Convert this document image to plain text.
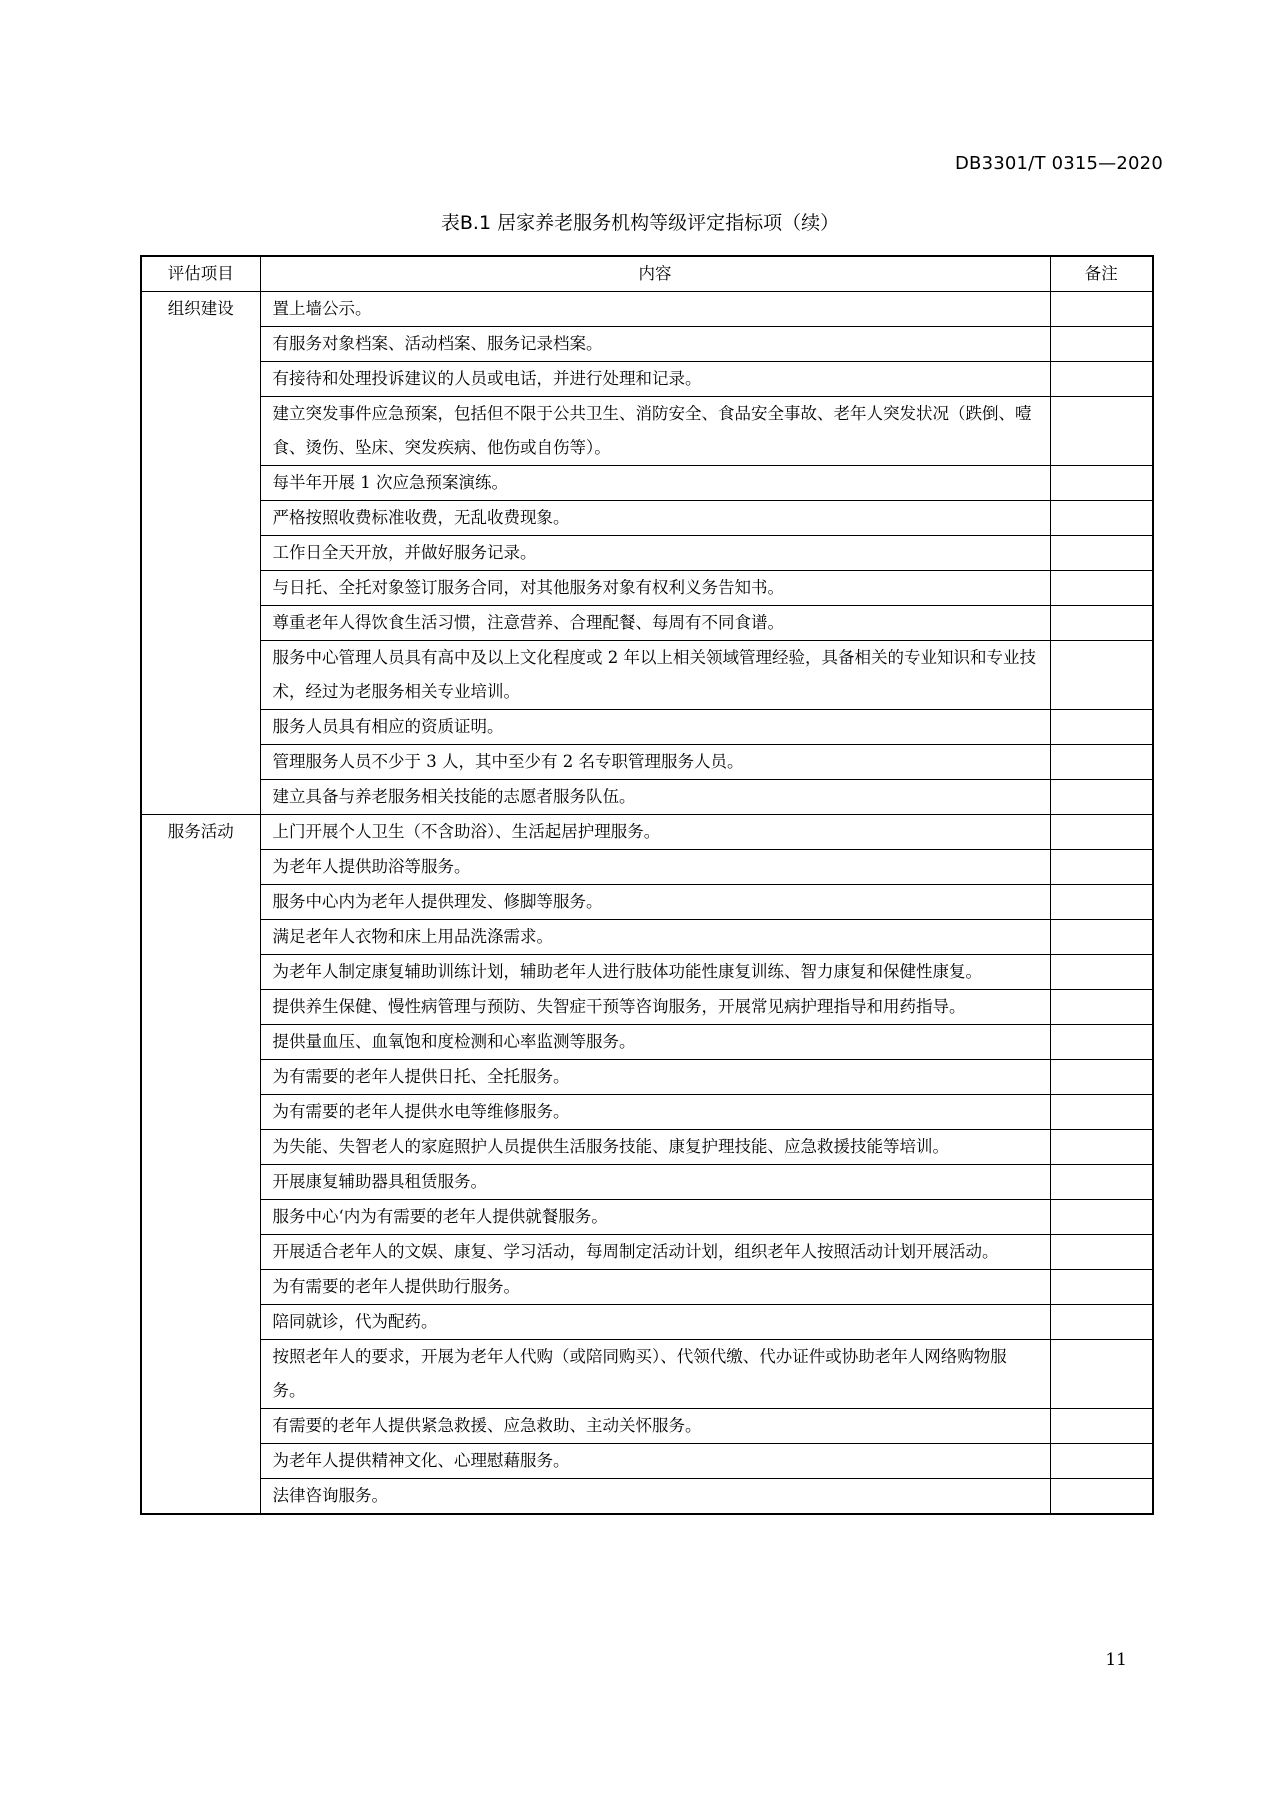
DB3301/T 0315—2020
表B.1 居家养老服务机构等级评定指标项（续）
评估项目	内容	备注
组织建设	置上墙公示。	
	有服务对象档案、活动档案、服务记录档案。	
	有接待和处理投诉建议的人员或电话，并进行处理和记录。	
	建立突发事件应急预案，包括但不限于公共卫生、消防安全、食品安全事故、老年人突发状况（跌倒、噎食、烫伤、坠床、突发疾病、他伤或自伤等）。	
	每半年开展 1 次应急预案演练。	
	严格按照收费标准收费，无乱收费现象。	
	工作日全天开放，并做好服务记录。	
	与日托、全托对象签订服务合同，对其他服务对象有权利义务告知书。	
	尊重老年人得饮食生活习惯，注意营养、合理配餐、每周有不同食谱。	
	服务中心管理人员具有高中及以上文化程度或 2 年以上相关领域管理经验，具备相关的专业知识和专业技术，经过为老服务相关专业培训。	
	服务人员具有相应的资质证明。	
	管理服务人员不少于 3 人，其中至少有 2 名专职管理服务人员。	
	建立具备与养老服务相关技能的志愿者服务队伍。	
服务活动	上门开展个人卫生（不含助浴）、生活起居护理服务。	
	为老年人提供助浴等服务。	
	服务中心内为老年人提供理发、修脚等服务。	
	满足老年人衣物和床上用品洗涤需求。	
	为老年人制定康复辅助训练计划，辅助老年人进行肢体功能性康复训练、智力康复和保健性康复。	
	提供养生保健、慢性病管理与预防、失智症干预等咨询服务，开展常见病护理指导和用药指导。	
	提供量血压、血氧饱和度检测和心率监测等服务。	
	为有需要的老年人提供日托、全托服务。	
	为有需要的老年人提供水电等维修服务。	
	为失能、失智老人的家庭照护人员提供生活服务技能、康复护理技能、应急救援技能等培训。	
	开展康复辅助器具租赁服务。	
	服务中心ʻ内为有需要的老年人提供就餐服务。	
	开展适合老年人的文娱、康复、学习活动，每周制定活动计划，组织老年人按照活动计划开展活动。	
	为有需要的老年人提供助行服务。	
	陪同就诊，代为配药。	
	按照老年人的要求，开展为老年人代购（或陪同购买）、代领代缴、代办证件或协助老年人网络购物服务。	
	有需要的老年人提供紧急救援、应急救助、主动关怀服务。	
	为老年人提供精神文化、心理慰藉服务。	
	法律咨询服务。	
11
